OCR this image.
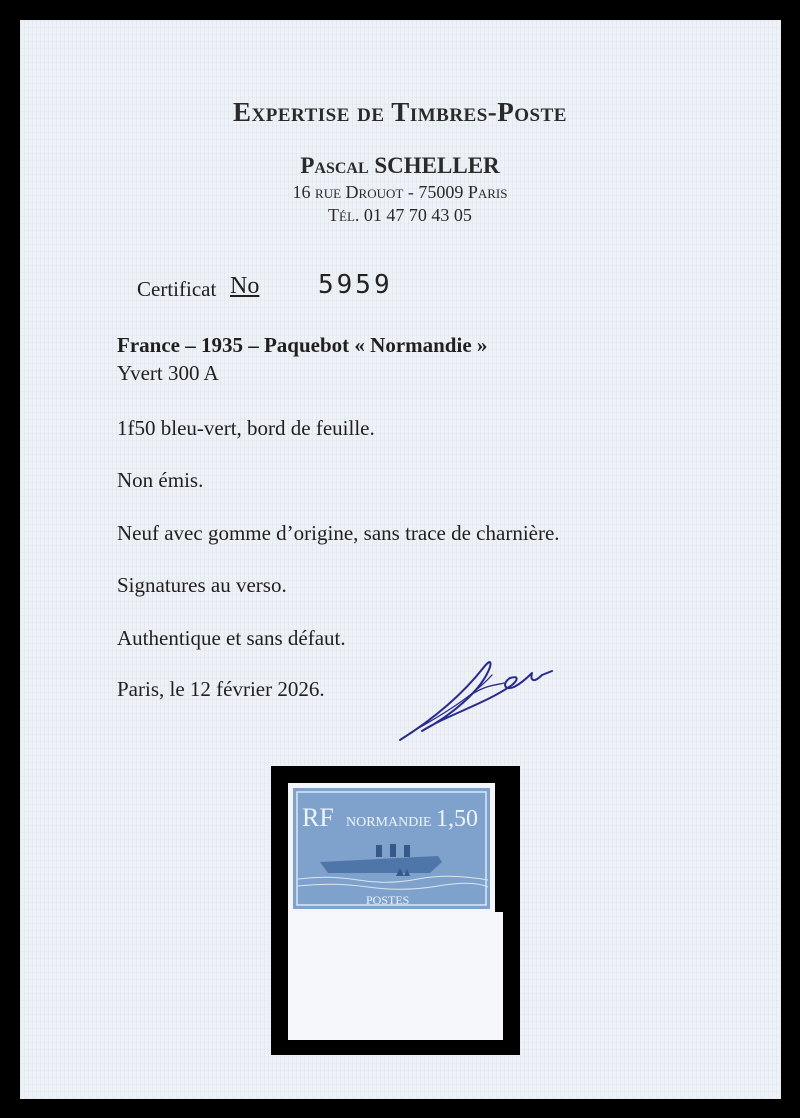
Expertise de Timbres-Poste
Pascal SCHELLER
16 rue Drouot - 75009 Paris
Tél. 01 47 70 43 05
Certificat No 5959
France – 1935 – Paquebot « Normandie »
Yvert 300 A
1f50 bleu-vert, bord de feuille.
Non émis.
Neuf avec gomme d’origine, sans trace de charnière.
Signatures au verso.
Authentique et sans défaut.
Paris, le 12 février 2026.
RF NORMANDIE 1,50
POSTES
